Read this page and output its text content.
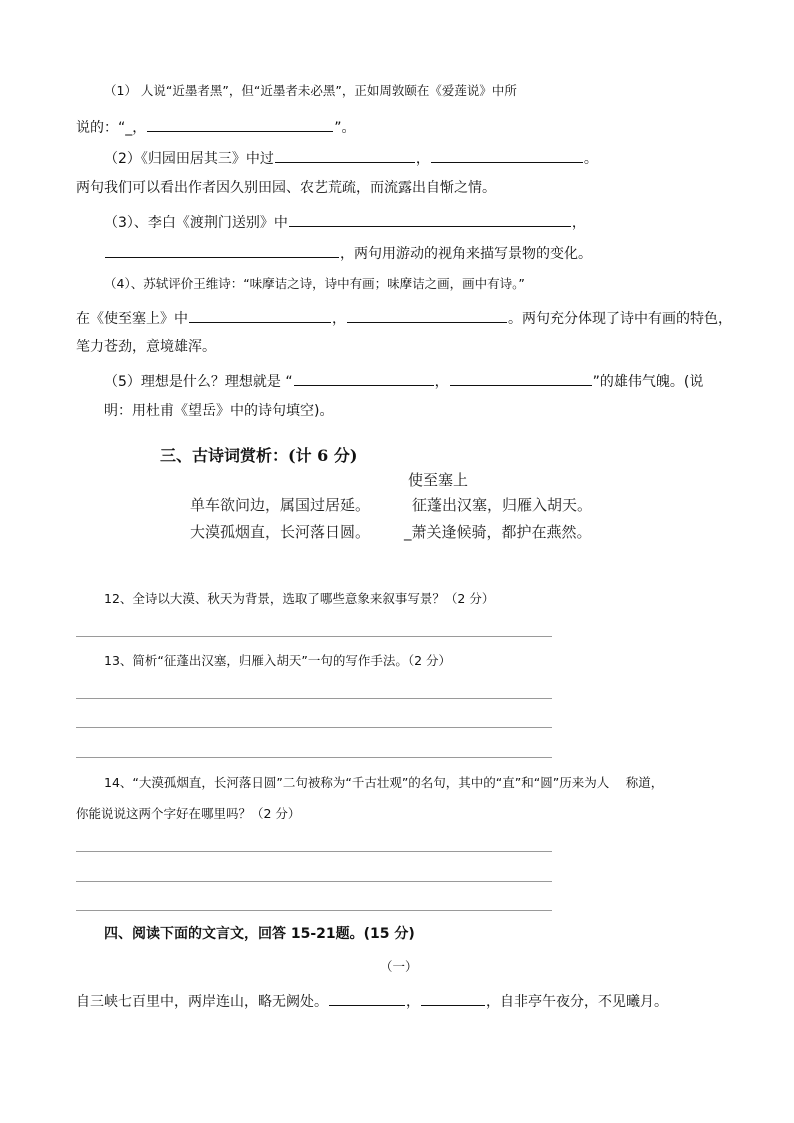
（1） 人说“近墨者黑”，但“近墨者未必黑”，正如周敦颐在《爱莲说》中所
说的：“_，	”。
（2）《归园田居其三》中过	，	。
两句我们可以看出作者因久别田园、农艺荒疏，而流露出自惭之情。
（3）、李白《渡荆门送别》中	，
，两句用游动的视角来描写景物的变化。
（4）、苏轼评价王维诗：“味摩诘之诗，诗中有画；味摩诘之画，画中有诗。”
在《使至塞上》中	，	。两句充分体现了诗中有画的特色，
笔力苍劲，意境雄浑。
（5）理想是什么？理想就是 “	，	”的雄伟气魄。(说
明：用杜甫《望岳》中的诗句填空)。
三、古诗词赏析：(计 6 分)
使至塞上
单车欲问边，属国过居延。	征蓬出汉塞，归雁入胡天。
大漠孤烟直，长河落日圆。 _萧关逢候骑，都护在燕然。
12、全诗以大漠、秋天为背景，选取了哪些意象来叙事写景？（2 分）
13、简析“征蓬出汉塞，归雁入胡天”一句的写作手法。（2 分）
14、“大漠孤烟直，长河落日圆”二句被称为“千古壮观”的名句，其中的“直”和“圆”历来为人　 称道，
你能说说这两个字好在哪里吗？（2 分）
四、阅读下面的文言文，回答 15-21题。(15 分)
（一）
自三峡七百里中，两岸连山，略无阙处。	，	，自非亭午夜分，不见曦月。
